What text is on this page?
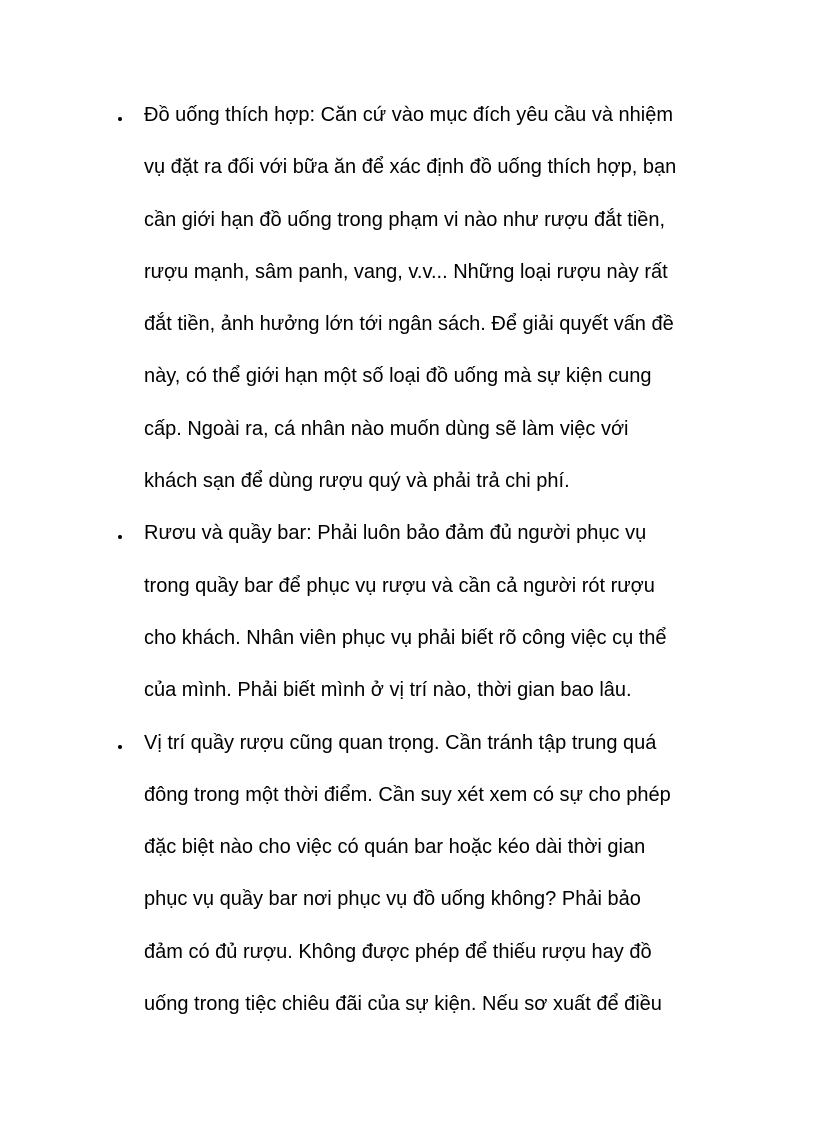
Đồ uống thích hợp: Căn cứ vào mục đích yêu cầu và nhiệm
vụ đặt ra đối với bữa ăn để xác định đồ uống thích hợp, bạn
cần giới hạn đồ uống trong phạm vi nào như rượu đắt tiền,
rượu mạnh, sâm panh, vang, v.v... Những loại rượu này rất
đắt tiền, ảnh hưởng lớn tới ngân sách. Để giải quyết vấn đề
này, có thể giới hạn một số loại đồ uống mà sự kiện cung
cấp. Ngoài ra, cá nhân nào muốn dùng sẽ làm việc với
khách sạn để dùng rượu quý và phải trả chi phí.
Rươu và quầy bar: Phải luôn bảo đảm đủ người phục vụ
trong quầy bar để phục vụ rượu và cần cả người rót rượu
cho khách. Nhân viên phục vụ phải biết rõ công việc cụ thể
của mình. Phải biết mình ở vị trí nào, thời gian bao lâu.
Vị trí quầy rượu cũng quan trọng. Cần tránh tập trung quá
đông trong một thời điểm. Cần suy xét xem có sự cho phép
đặc biệt nào cho việc có quán bar hoặc kéo dài thời gian
phục vụ quầy bar nơi phục vụ đồ uống không? Phải bảo
đảm có đủ rượu. Không được phép để thiếu rượu hay đồ
uống trong tiệc chiêu đãi của sự kiện. Nếu sơ xuất để điều
